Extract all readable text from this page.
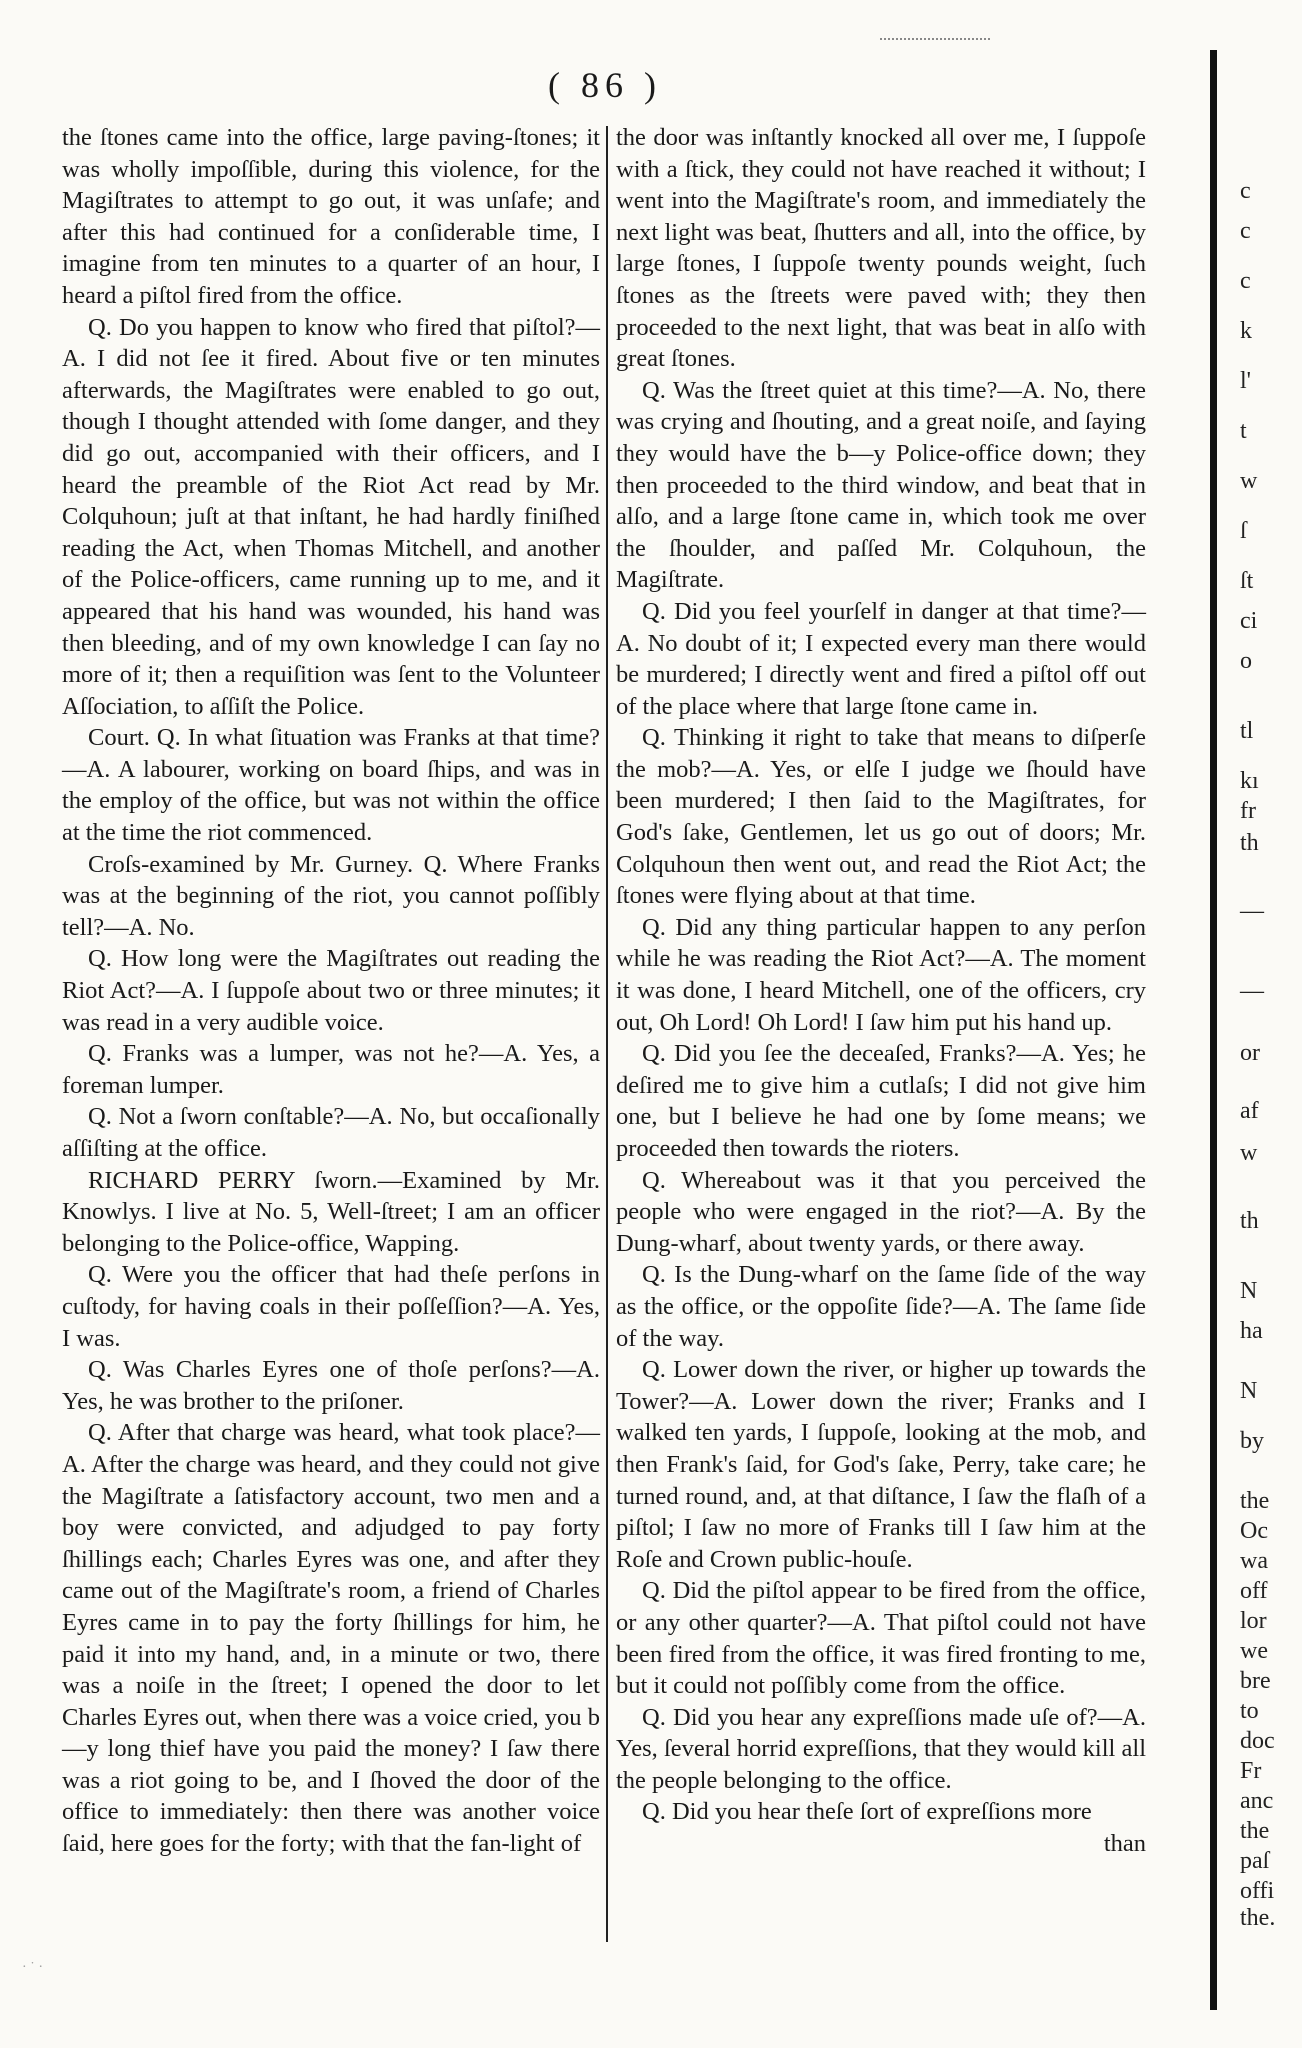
( 86 )

the ſtones came into the office, large paving-ſtones; it was wholly impoſſible, during this violence, for the Magiſtrates to attempt to go out, it was unſafe; and after this had continued for a conſiderable time, I imagine from ten minutes to a quarter of an hour, I heard a piſtol fired from the office.

Q. Do you happen to know who fired that piſtol?—A. I did not ſee it fired. About five or ten minutes afterwards, the Magiſtrates were enabled to go out, though I thought attended with ſome danger, and they did go out, accompanied with their officers, and I heard the preamble of the Riot Act read by Mr. Colquhoun; juſt at that inſtant, he had hardly finiſhed reading the Act, when Thomas Mitchell, and another of the Police-officers, came running up to me, and it appeared that his hand was wounded, his hand was then bleeding, and of my own knowledge I can ſay no more of it; then a requiſition was ſent to the Volunteer Aſſociation, to aſſiſt the Police.

Court. Q. In what ſituation was Franks at that time?—A. A labourer, working on board ſhips, and was in the employ of the office, but was not within the office at the time the riot commenced.

Croſs-examined by Mr. Gurney. Q. Where Franks was at the beginning of the riot, you cannot poſſibly tell?—A. No.

Q. How long were the Magiſtrates out reading the Riot Act?—A. I ſuppoſe about two or three minutes; it was read in a very audible voice.

Q. Franks was a lumper, was not he?—A. Yes, a foreman lumper.

Q. Not a ſworn conſtable?—A. No, but occaſionally aſſiſting at the office.

RICHARD PERRY ſworn.—Examined by Mr. Knowlys. I live at No. 5, Well-ſtreet; I am an officer belonging to the Police-office, Wapping.

Q. Were you the officer that had theſe perſons in cuſtody, for having coals in their poſſeſſion?—A. Yes, I was.

Q. Was Charles Eyres one of thoſe perſons?—A. Yes, he was brother to the priſoner.

Q. After that charge was heard, what took place?—A. After the charge was heard, and they could not give the Magiſtrate a ſatisfactory account, two men and a boy were convicted, and adjudged to pay forty ſhillings each; Charles Eyres was one, and after they came out of the Magiſtrate's room, a friend of Charles Eyres came in to pay the forty ſhillings for him, he paid it into my hand, and, in a minute or two, there was a noiſe in the ſtreet; I opened the door to let Charles Eyres out, when there was a voice cried, you b—y long thief have you paid the money? I ſaw there was a riot going to be, and I ſhoved the door of the office to immediately: then there was another voice ſaid, here goes for the forty; with that the fan-light of

the door was inſtantly knocked all over me, I ſuppoſe with a ſtick, they could not have reached it without; I went into the Magiſtrate's room, and immediately the next light was beat, ſhutters and all, into the office, by large ſtones, I ſuppoſe twenty pounds weight, ſuch ſtones as the ſtreets were paved with; they then proceeded to the next light, that was beat in alſo with great ſtones.

Q. Was the ſtreet quiet at this time?—A. No, there was crying and ſhouting, and a great noiſe, and ſaying they would have the b—y Police-office down; they then proceeded to the third window, and beat that in alſo, and a large ſtone came in, which took me over the ſhoulder, and paſſed Mr. Colquhoun, the Magiſtrate.

Q. Did you feel yourſelf in danger at that time?—A. No doubt of it; I expected every man there would be murdered; I directly went and fired a piſtol off out of the place where that large ſtone came in.

Q. Thinking it right to take that means to diſperſe the mob?—A. Yes, or elſe I judge we ſhould have been murdered; I then ſaid to the Magiſtrates, for God's ſake, Gentlemen, let us go out of doors; Mr. Colquhoun then went out, and read the Riot Act; the ſtones were flying about at that time.

Q. Did any thing particular happen to any perſon while he was reading the Riot Act?—A. The moment it was done, I heard Mitchell, one of the officers, cry out, Oh Lord! Oh Lord! I ſaw him put his hand up.

Q. Did you ſee the deceaſed, Franks?—A. Yes; he deſired me to give him a cutlaſs; I did not give him one, but I believe he had one by ſome means; we proceeded then towards the rioters.

Q. Whereabout was it that you perceived the people who were engaged in the riot?—A. By the Dung-wharf, about twenty yards, or there away.

Q. Is the Dung-wharf on the ſame ſide of the way as the office, or the oppoſite ſide?—A. The ſame ſide of the way.

Q. Lower down the river, or higher up towards the Tower?—A. Lower down the river; Franks and I walked ten yards, I ſuppoſe, looking at the mob, and then Frank's ſaid, for God's ſake, Perry, take care; he turned round, and, at that diſtance, I ſaw the flaſh of a piſtol; I ſaw no more of Franks till I ſaw him at the Roſe and Crown public-houſe.

Q. Did the piſtol appear to be fired from the office, or any other quarter?—A. That piſtol could not have been fired from the office, it was fired fronting to me, but it could not poſſibly come from the office.

Q. Did you hear any expreſſions made uſe of?—A. Yes, ſeveral horrid expreſſions, that they would kill all the people belonging to the office.

Q. Did you hear theſe ſort of expreſſions more

than

c
c
c
k
l'
t
w
ſ
ſt
ci
o
tl
kı
fr
th
—
—
or
af
w
th
N
ha
N
by
the
Oc
wa
off
lor
we
bre
to
doc
Fr
anc
the
paſ
offi
the.
· ˙ ·
